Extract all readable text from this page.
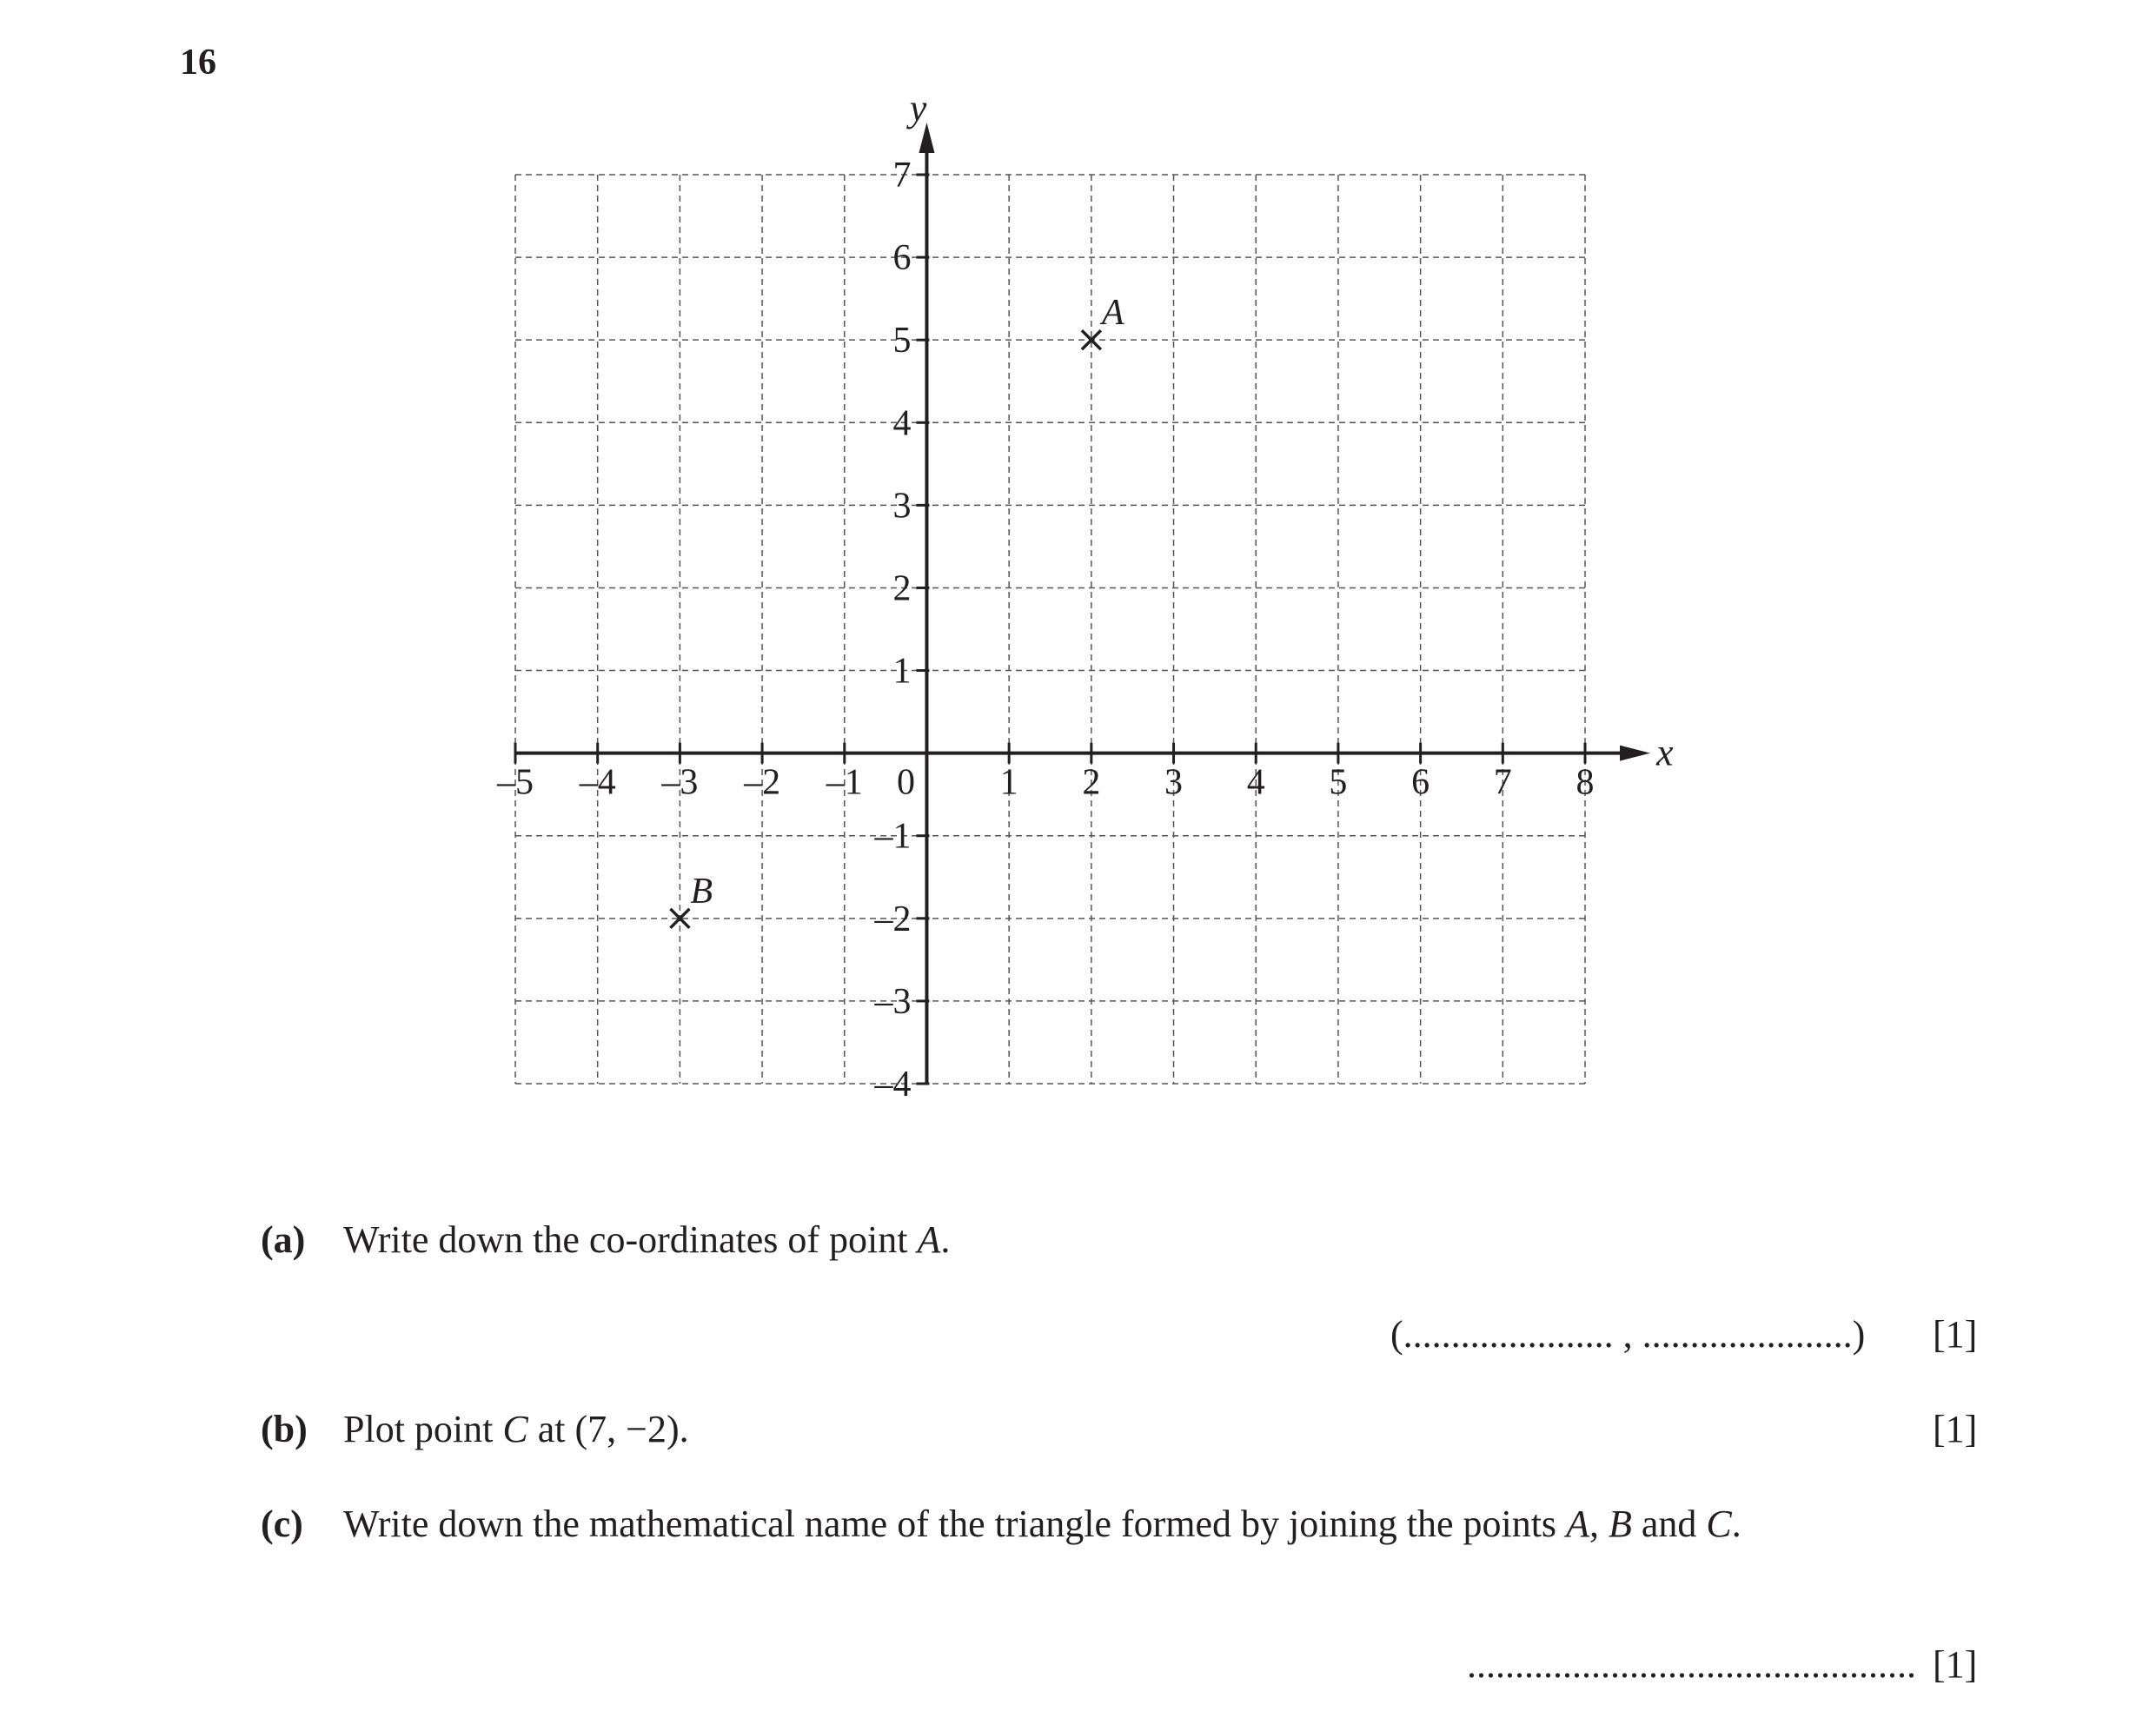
16
x
y
–5 –4 –3 –2 –1 0 1 2 3 4 5 6 7 8
7
6
5
4
3
2
1
–1
–2
–3
–4
A
B
(a) Write down the co-ordinates of point A.
(...................... , ......................) [1]
(b) Plot point C at (7, −2).	[1]
(c) Write down the mathematical name of the triangle formed by joining the points A, B and C.
............................................... [1]
